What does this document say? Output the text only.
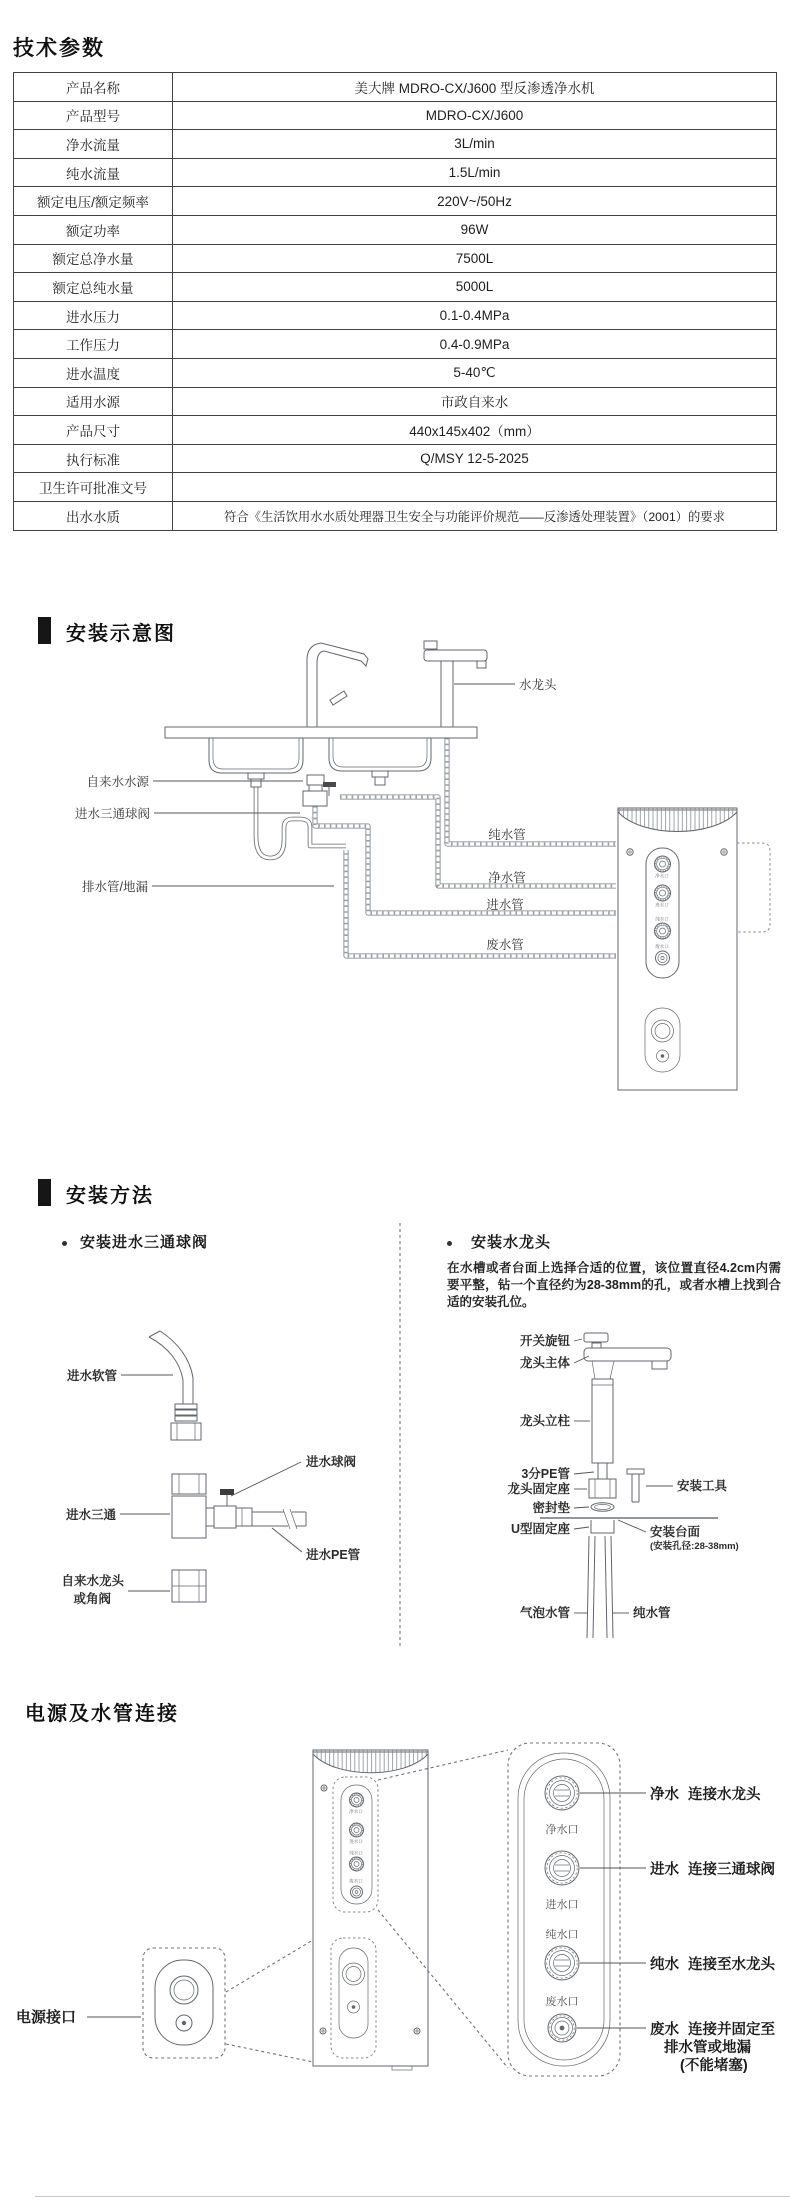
技术参数
产品名称	美大牌 MDRO-CX/J600 型反渗透净水机
产品型号	MDRO-CX/J600
净水流量	3L/min
纯水流量	1.5L/min
额定电压/额定频率	220V~/50Hz
额定功率	96W
额定总净水量	7500L
额定总纯水量	5000L
进水压力	0.1-0.4MPa
工作压力	0.4-0.9MPa
进水温度	5-40℃
适用水源	市政自来水
产品尺寸	440x145x402（mm）
执行标准	Q/MSY 12-5-2025
卫生许可批准文号	
出水水质	符合《生活饮用水水质处理器卫生安全与功能评价规范——反渗透处理装置》（2001）的要求
安装示意图
净水口
进水口
纯水口
废水口
水龙头
自来水水源
进水三通球阀
排水管/地漏
纯水管
净水管
进水管
废水管
安装方法
安装进水三通球阀	安装水龙头
在水槽或者台面上选择合适的位置，该位置直径4.2cm内需要平整，钻一个直径约为28-38mm的孔，或者水槽上找到合适的安装孔位。
进水软管
进水球阀
进水三通
进水PE管
自来水龙头
或角阀
开关旋钮
龙头主体
龙头立柱
3分PE管
龙头固定座
密封垫
U型固定座
安装工具
安装台面
(安装孔径:28-38mm)
气泡水管	纯水管
电源及水管连接
净水口
进水口
纯水口
废水口
电源接口
净水口
进水口
纯水口
废水口
净水 连接水龙头
进水 连接三通球阀
纯水 连接至水龙头
废水 连接并固定至
排水管或地漏
(不能堵塞)
